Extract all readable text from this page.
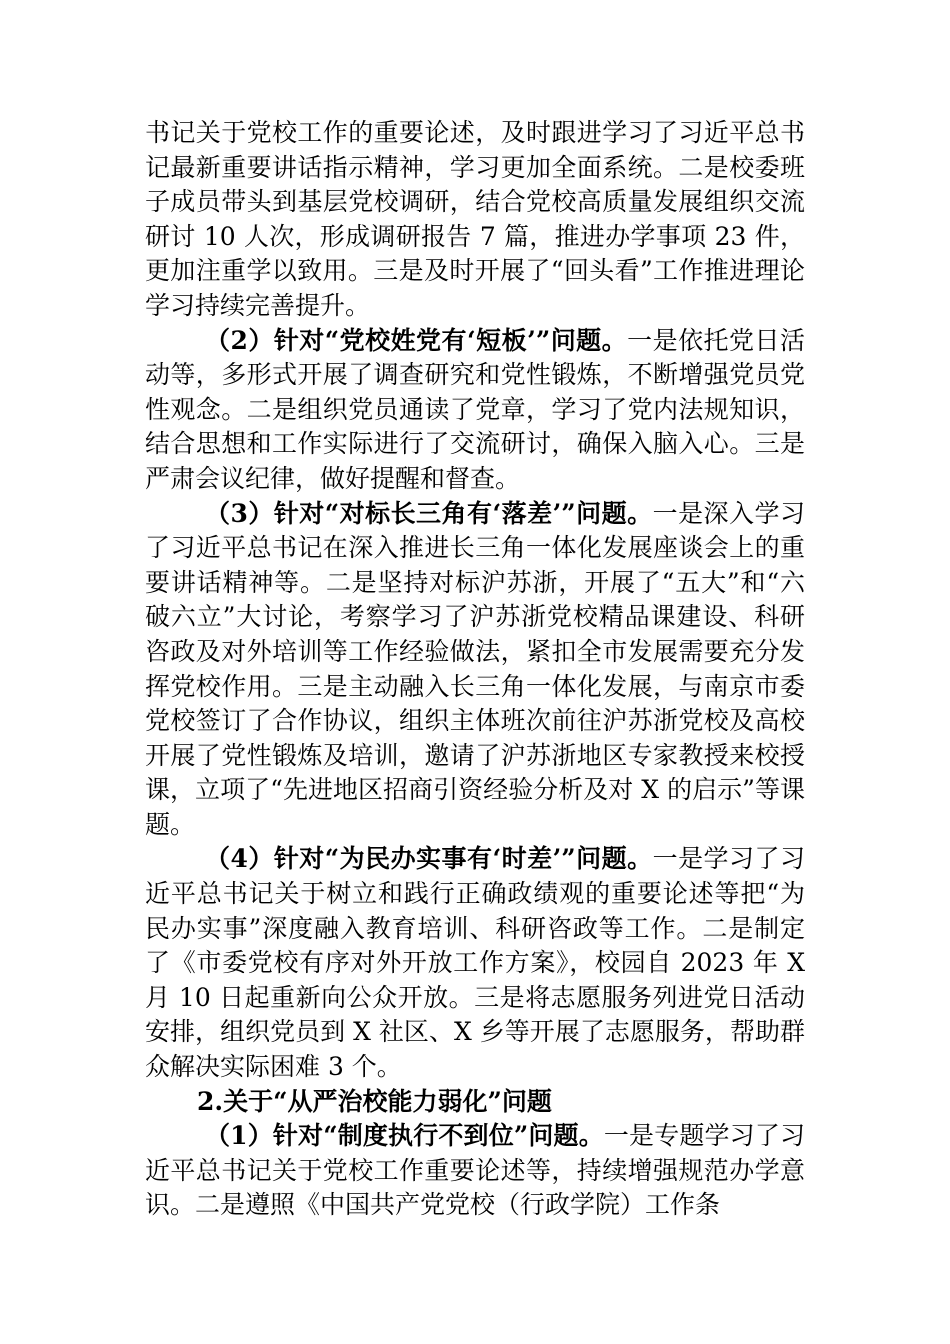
书记关于党校工作的重要论述，及时跟进学习了习近平总书记最新重要讲话指示精神，学习更加全面系统。二是校委班子成员带头到基层党校调研，结合党校高质量发展组织交流研讨 10 人次，形成调研报告 7 篇，推进办学事项 23 件，更加注重学以致用。三是及时开展了“回头看”工作推进理论学习持续完善提升。

（2）针对“党校姓党有‘短板’”问题。一是依托党日活动等，多形式开展了调查研究和党性锻炼，不断增强党员党性观念。二是组织党员通读了党章，学习了党内法规知识，结合思想和工作实际进行了交流研讨，确保入脑入心。三是严肃会议纪律，做好提醒和督查。

（3）针对“对标长三角有‘落差’”问题。一是深入学习了习近平总书记在深入推进长三角一体化发展座谈会上的重要讲话精神等。二是坚持对标沪苏浙，开展了“五大”和“六破六立”大讨论，考察学习了沪苏浙党校精品课建设、科研咨政及对外培训等工作经验做法，紧扣全市发展需要充分发挥党校作用。三是主动融入长三角一体化发展，与南京市委党校签订了合作协议，组织主体班次前往沪苏浙党校及高校开展了党性锻炼及培训，邀请了沪苏浙地区专家教授来校授课，立项了“先进地区招商引资经验分析及对 X 的启示”等课题。

（4）针对“为民办实事有‘时差’”问题。一是学习了习近平总书记关于树立和践行正确政绩观的重要论述等把“为民办实事”深度融入教育培训、科研咨政等工作。二是制定了《市委党校有序对外开放工作方案》，校园自 2023 年 X 月 10 日起重新向公众开放。三是将志愿服务列进党日活动安排，组织党员到 X 社区、X 乡等开展了志愿服务，帮助群众解决实际困难 3 个。

2.关于“从严治校能力弱化”问题

（1）针对“制度执行不到位”问题。一是专题学习了习近平总书记关于党校工作重要论述等，持续增强规范办学意识。二是遵照《中国共产党党校（行政学院）工作条
